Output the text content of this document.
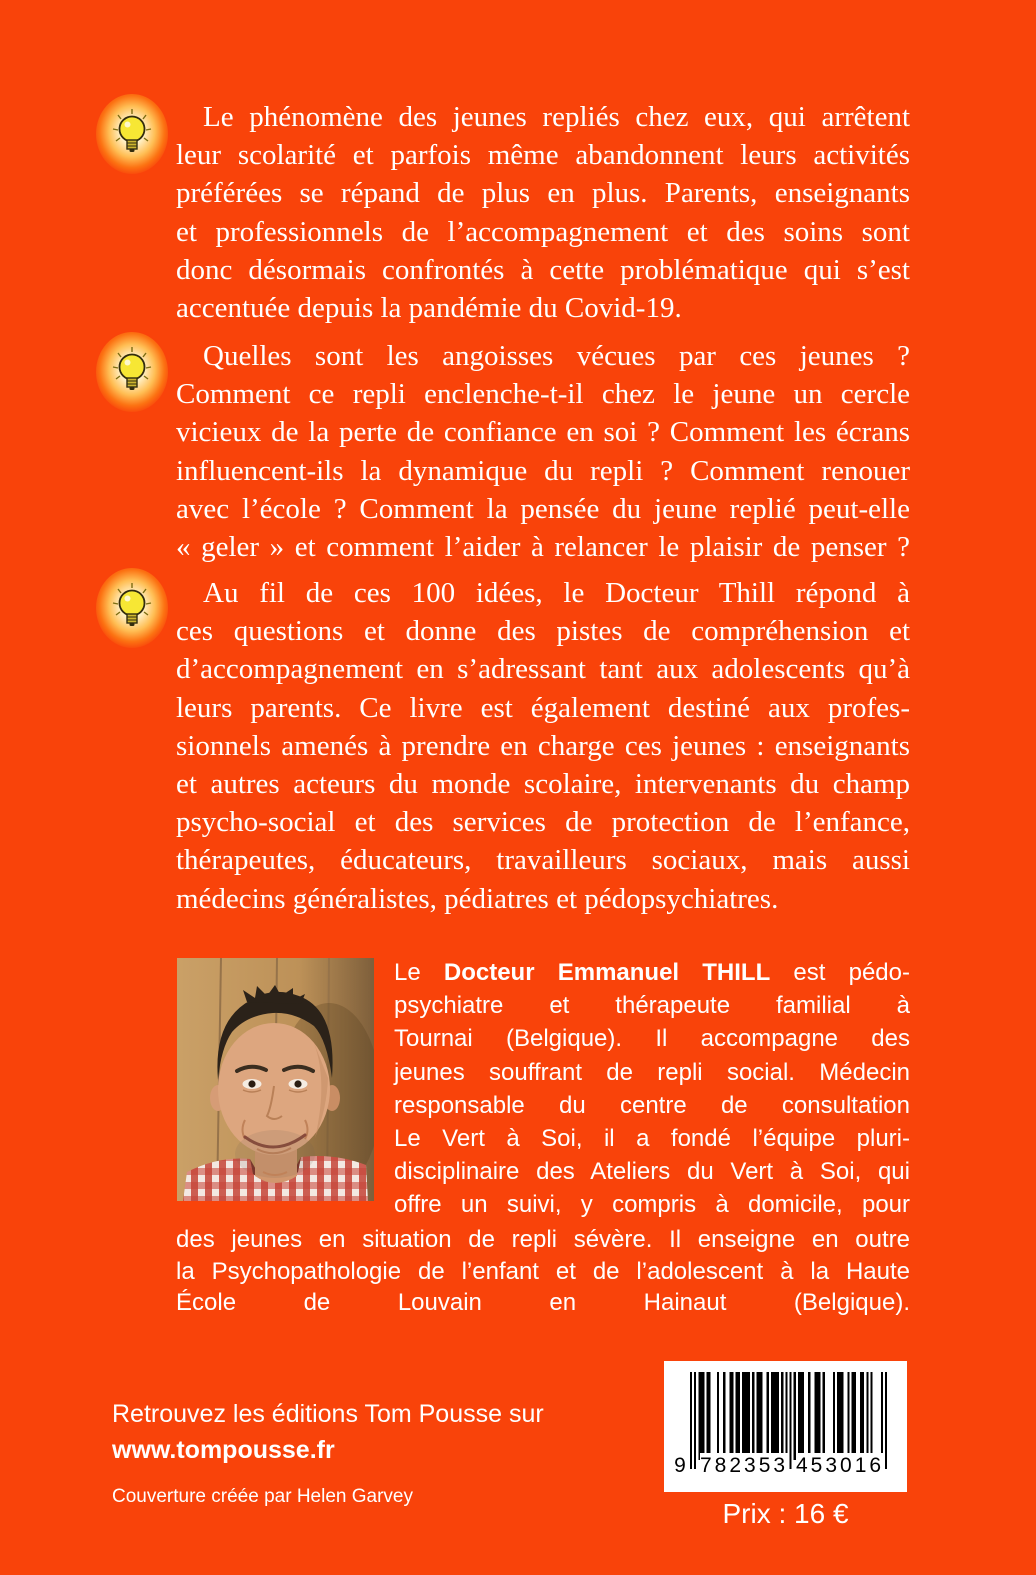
Le phénomène des jeunes repliés chez eux, qui arrêtent
leur scolarité et parfois même abandonnent leurs activités
préférées se répand de plus en plus. Parents, enseignants
et professionnels de l’accompagnement et des soins sont
donc désormais confrontés à cette problématique qui s’est
accentuée depuis la pandémie du Covid-19.
Quelles sont les angoisses vécues par ces jeunes ?
Comment ce repli enclenche-t-il chez le jeune un cercle
vicieux de la perte de confiance en soi ? Comment les écrans
influencent-ils la dynamique du repli ? Comment renouer
avec l’école ? Comment la pensée du jeune replié peut-elle
« geler » et comment l’aider à relancer le plaisir de penser ?
Au fil de ces 100 idées, le Docteur Thill répond à
ces questions et donne des pistes de compréhension et
d’accompagnement en s’adressant tant aux adolescents qu’à
leurs parents. Ce livre est également destiné aux profes-
sionnels amenés à prendre en charge ces jeunes : enseignants
et autres acteurs du monde scolaire, intervenants du champ
psycho-social et des services de protection de l’enfance,
thérapeutes, éducateurs, travailleurs sociaux, mais aussi
médecins généralistes, pédiatres et pédopsychiatres.
Le Docteur Emmanuel THILL est pédo-
psychiatre et thérapeute familial à
Tournai (Belgique). Il accompagne des
jeunes souffrant de repli social. Médecin
responsable du centre de consultation
Le Vert à Soi, il a fondé l’équipe pluri-
disciplinaire des Ateliers du Vert à Soi, qui
offre un suivi, y compris à domicile, pour
des jeunes en situation de repli sévère. Il enseigne en outre
la Psychopathologie de l’enfant et de l’adolescent à la Haute
École de Louvain en Hainaut (Belgique).
Retrouvez les éditions Tom Pousse sur
www.tompousse.fr
Couverture créée par Helen Garvey
9 782353 453016
Prix : 16 €
